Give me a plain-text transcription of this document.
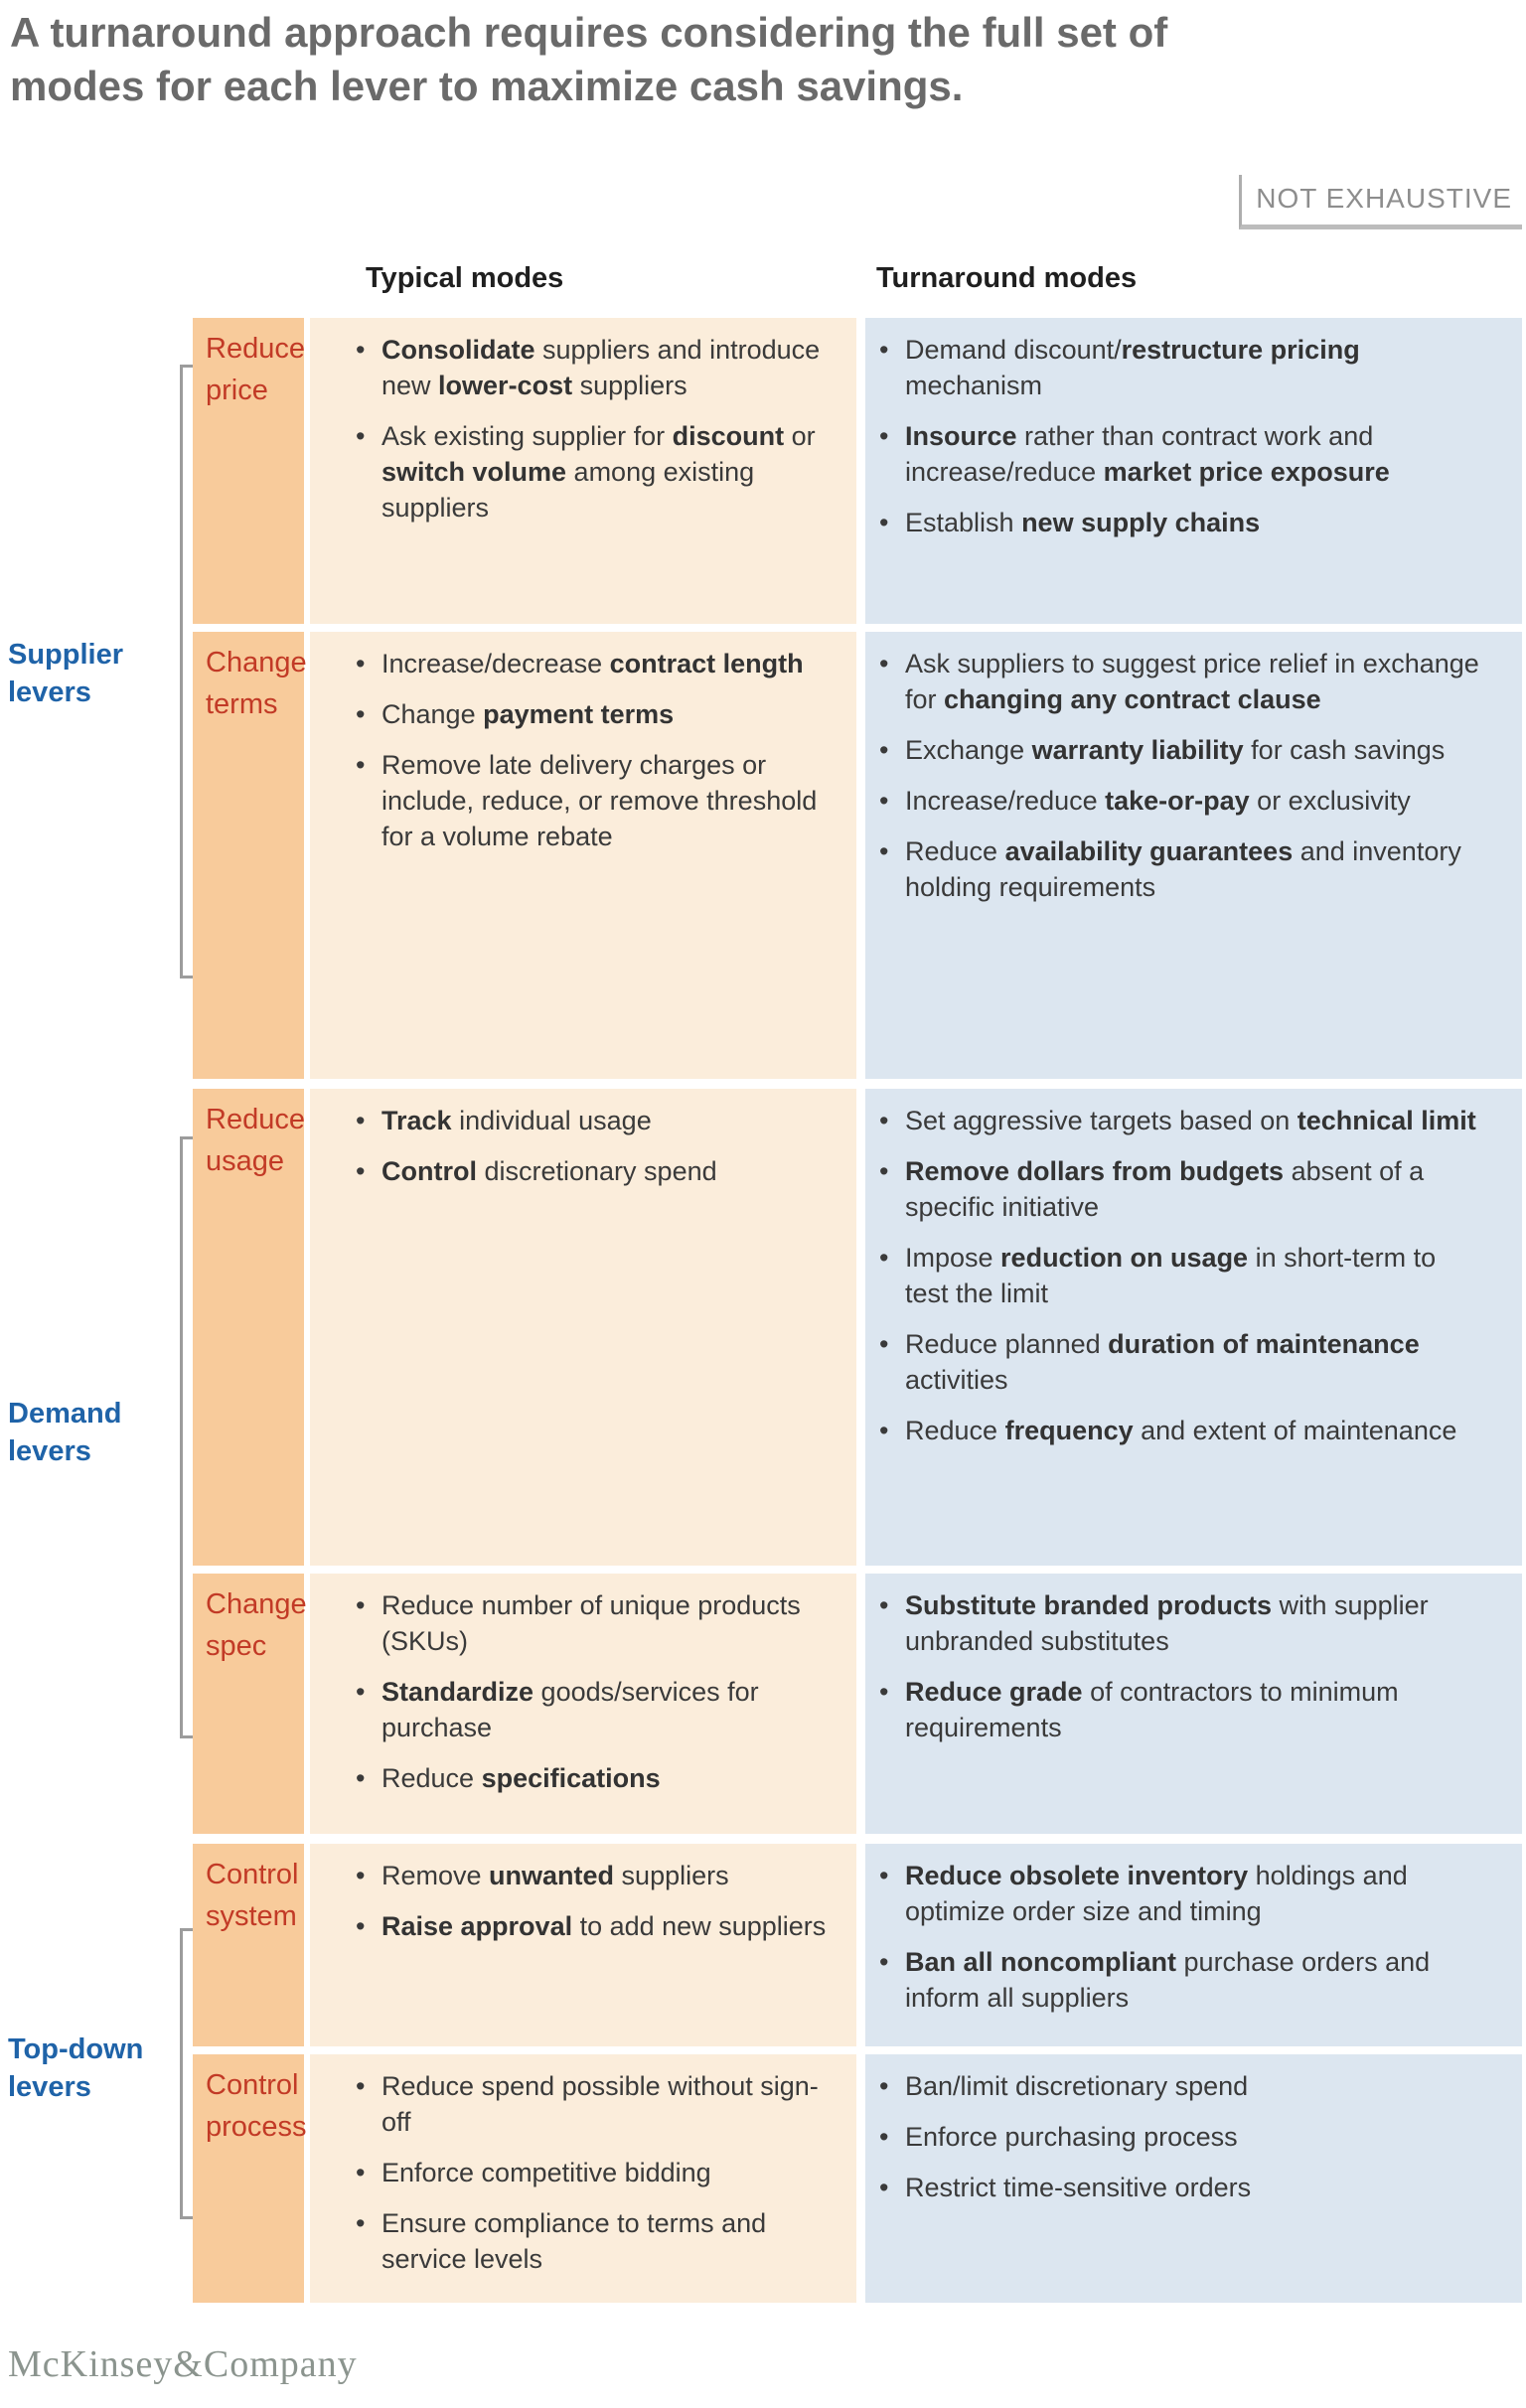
A turnaround approach requires considering the full set of modes for each lever to maximize cash savings.
NOT EXHAUSTIVE
Typical modes	Turnaround modes
Supplier levers
Demand levers
Top-down levers
Reduce price
• Consolidate suppliers and introduce new lower-cost suppliers
• Ask existing supplier for discount or switch volume among existing suppliers
• Demand discount/restructure pricing mechanism
• Insource rather than contract work and increase/reduce market price exposure
• Establish new supply chains
Change terms
• Increase/decrease contract length
• Change payment terms
• Remove late delivery charges or include, reduce, or remove threshold for a volume rebate
• Ask suppliers to suggest price relief in exchange for changing any contract clause
• Exchange warranty liability for cash savings
• Increase/reduce take-or-pay or exclusivity
• Reduce availability guarantees and inventory holding requirements
Reduce usage
• Track individual usage
• Control discretionary spend
• Set aggressive targets based on technical limit
• Remove dollars from budgets absent of a specific initiative
• Impose reduction on usage in short-term to test the limit
• Reduce planned duration of maintenance activities
• Reduce frequency and extent of maintenance
Change spec
• Reduce number of unique products (SKUs)
• Standardize goods/services for purchase
• Reduce specifications
• Substitute branded products with supplier unbranded substitutes
• Reduce grade of contractors to minimum requirements
Control system
• Remove unwanted suppliers
• Raise approval to add new suppliers
• Reduce obsolete inventory holdings and optimize order size and timing
• Ban all noncompliant purchase orders and inform all suppliers
Control process
• Reduce spend possible without sign-off
• Enforce competitive bidding
• Ensure compliance to terms and service levels
• Ban/limit discretionary spend
• Enforce purchasing process
• Restrict time-sensitive orders
McKinsey&Company
